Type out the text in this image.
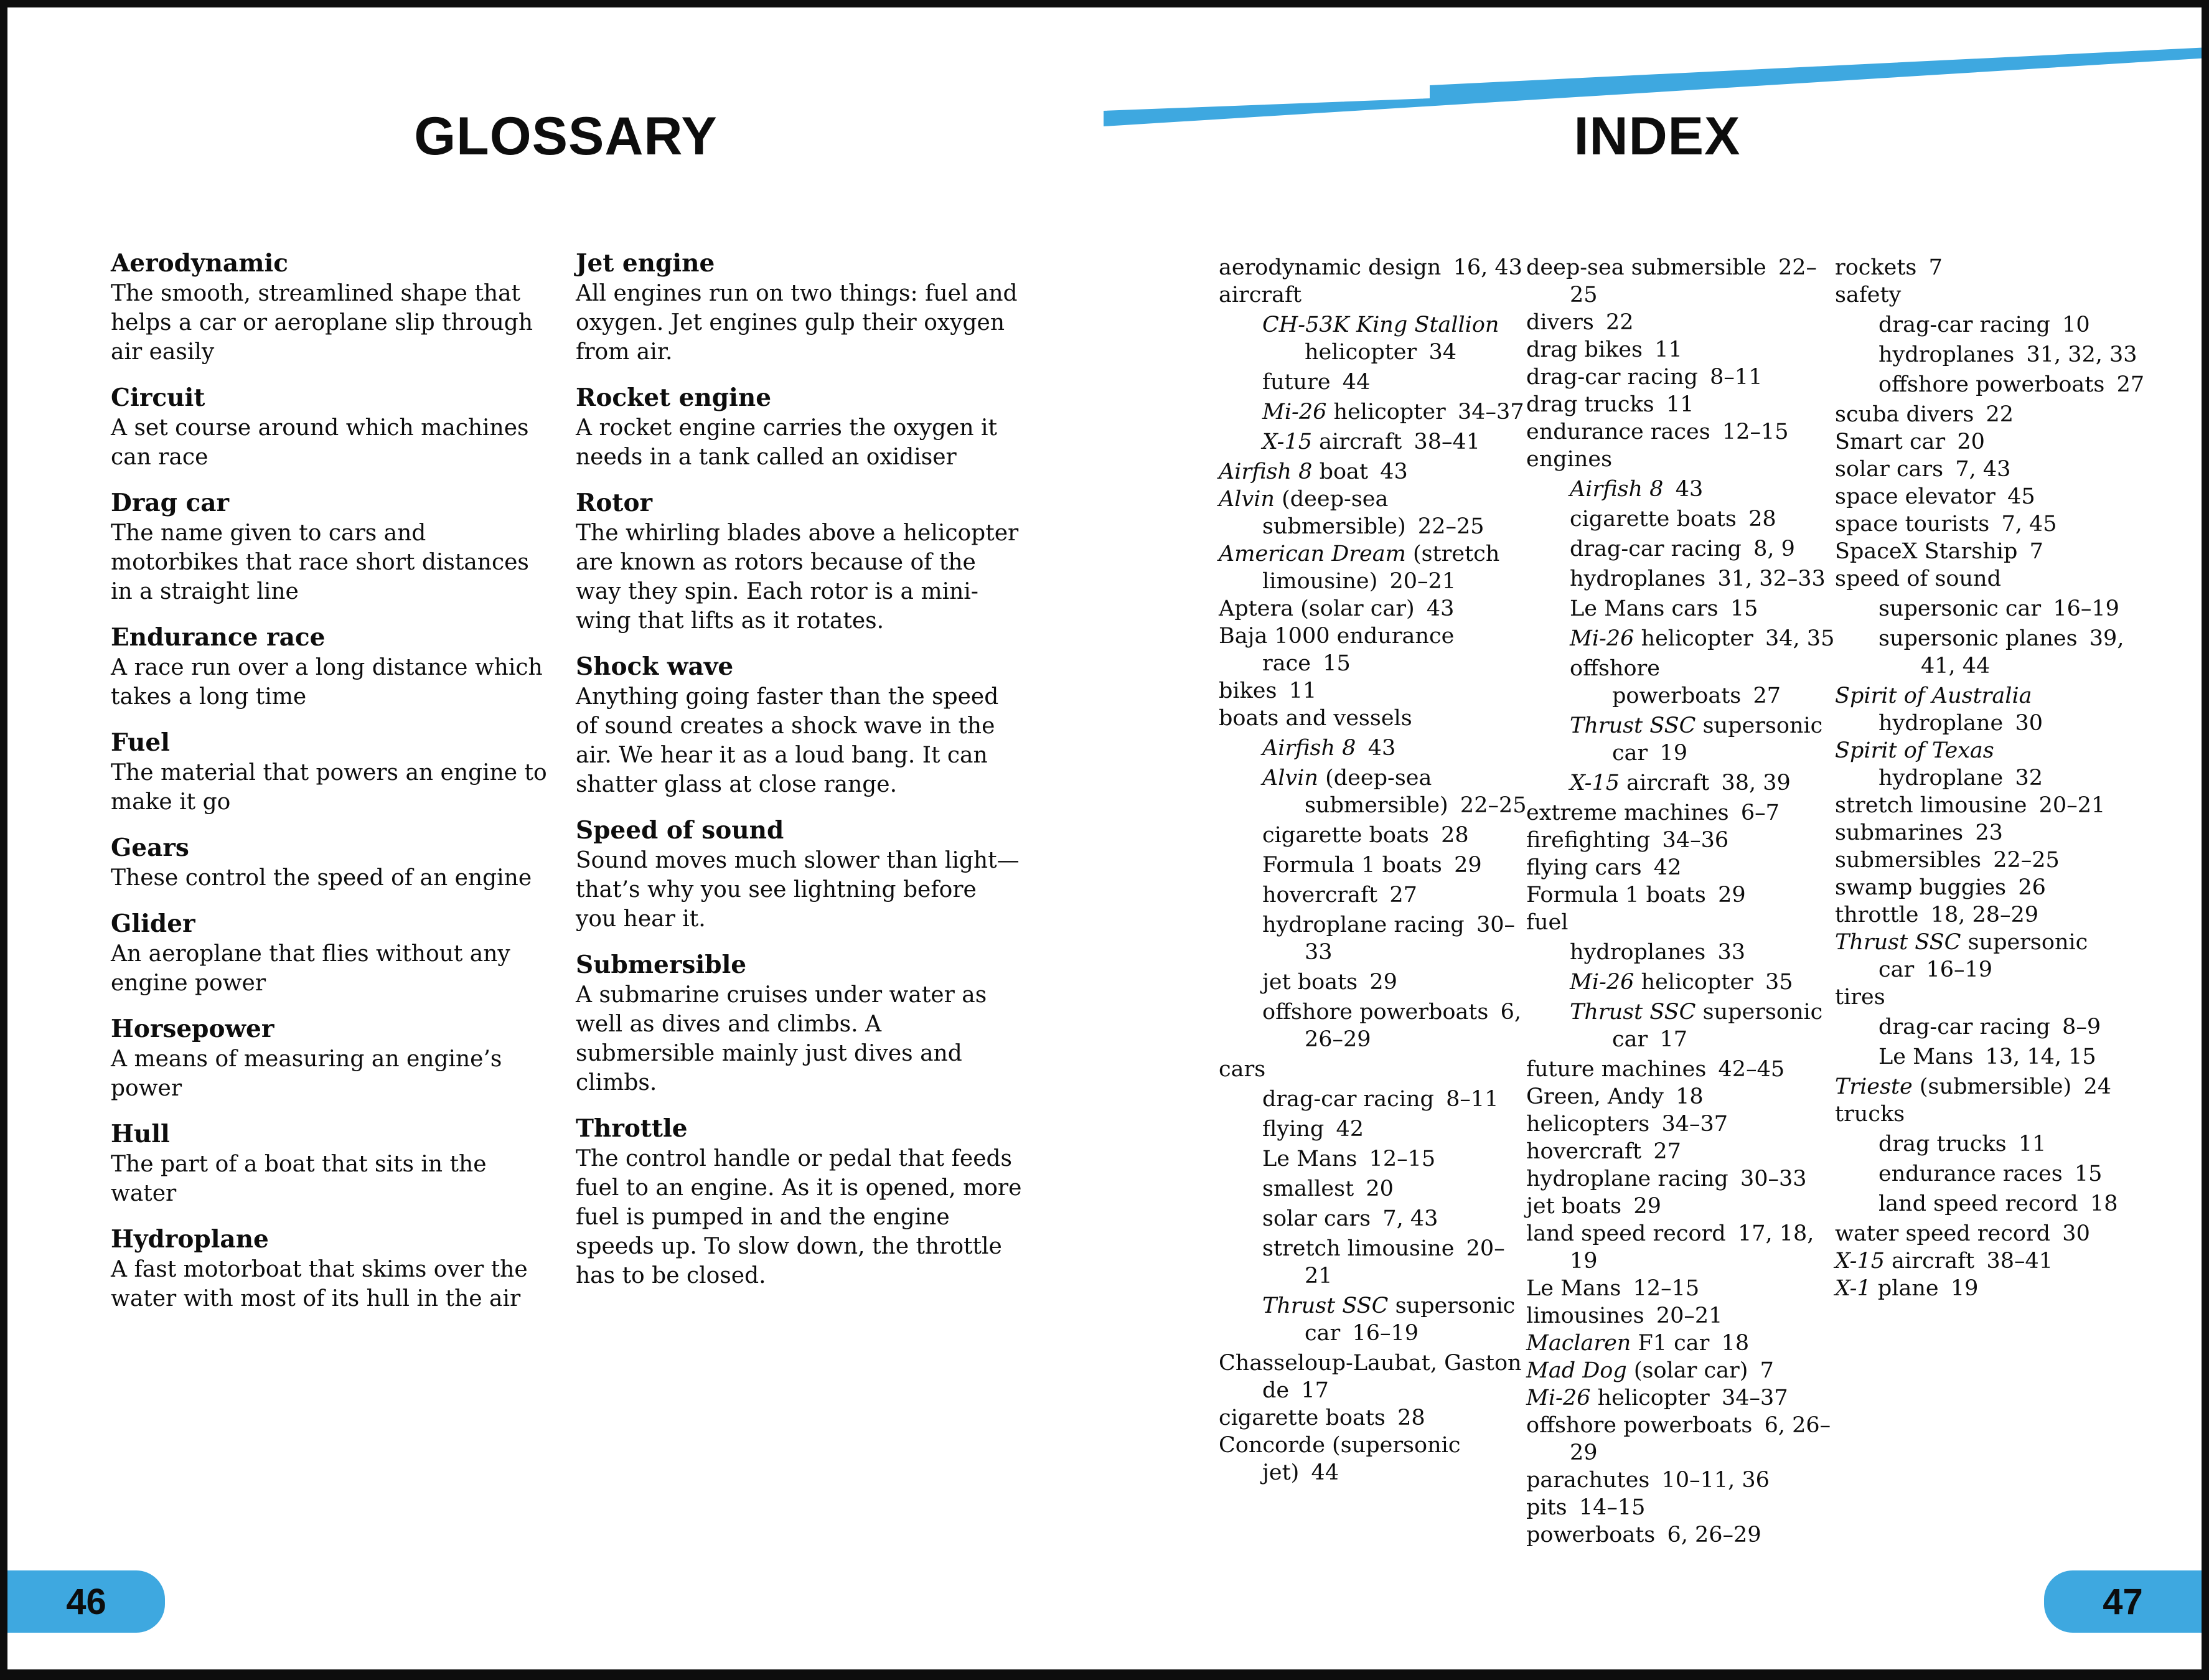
GLOSSARY	INDEX
Aerodynamic
The smooth, streamlined shape that helps a car or aeroplane slip through air easily
Circuit
A set course around which machines can race
Drag car
The name given to cars and motorbikes that race short distances in a straight line
Endurance race
A race run over a long distance which takes a long time
Fuel
The material that powers an engine to make it go
Gears
These control the speed of an engine
Glider
An aeroplane that flies without any engine power
Horsepower
A means of measuring an engine’s power
Hull
The part of a boat that sits in the water
Hydroplane
A fast motorboat that skims over the water with most of its hull in the air
Jet engine
All engines run on two things: fuel and oxygen. Jet engines gulp their oxygen from air.
Rocket engine
A rocket engine carries the oxygen it needs in a tank called an oxidiser
Rotor
The whirling blades above a helicopter are known as rotors because of the way they spin. Each rotor is a mini-wing that lifts as it rotates.
Shock wave
Anything going faster than the speed of sound creates a shock wave in the air. We hear it as a loud bang. It can shatter glass at close range.
Speed of sound
Sound moves much slower than light—that’s why you see lightning before you hear it.
Submersible
A submarine cruises under water as well as dives and climbs. A submersible mainly just dives and climbs.
Throttle
The control handle or pedal that feeds fuel to an engine. As it is opened, more fuel is pumped in and the engine speeds up. To slow down, the throttle has to be closed.
aerodynamic design 16, 43
aircraft
CH-53K King Stallion helicopter 34
future 44
Mi-26 helicopter 34–37
X-15 aircraft 38–41
Airfish 8 boat 43
Alvin (deep-sea submersible) 22–25
American Dream (stretch limousine) 20–21
Aptera (solar car) 43
Baja 1000 endurance race 15
bikes 11
boats and vessels
Airfish 8 43
Alvin (deep-sea submersible) 22–25
cigarette boats 28
Formula 1 boats 29
hovercraft 27
hydroplane racing 30–33
jet boats 29
offshore powerboats 6, 26–29
cars
drag-car racing 8–11
flying 42
Le Mans 12–15
smallest 20
solar cars 7, 43
stretch limousine 20–21
Thrust SSC supersonic car 16–19
Chasseloup-Laubat, Gaston de 17
cigarette boats 28
Concorde (supersonic jet) 44
deep-sea submersible 22–25
divers 22
drag bikes 11
drag-car racing 8–11
drag trucks 11
endurance races 12–15
engines
Airfish 8 43
cigarette boats 28
drag-car racing 8, 9
hydroplanes 31, 32–33
Le Mans cars 15
Mi-26 helicopter 34, 35
offshore powerboats 27
Thrust SSC supersonic car 19
X-15 aircraft 38, 39
extreme machines 6–7
firefighting 34–36
flying cars 42
Formula 1 boats 29
fuel
hydroplanes 33
Mi-26 helicopter 35
Thrust SSC supersonic car 17
future machines 42–45
Green, Andy 18
helicopters 34–37
hovercraft 27
hydroplane racing 30–33
jet boats 29
land speed record 17, 18, 19
Le Mans 12–15
limousines 20–21
Maclaren F1 car 18
Mad Dog (solar car) 7
Mi-26 helicopter 34–37
offshore powerboats 6, 26–29
parachutes 10–11, 36
pits 14–15
powerboats 6, 26–29
rockets 7
safety
drag-car racing 10
hydroplanes 31, 32, 33
offshore powerboats 27
scuba divers 22
Smart car 20
solar cars 7, 43
space elevator 45
space tourists 7, 45
SpaceX Starship 7
speed of sound
supersonic car 16–19
supersonic planes 39, 41, 44
Spirit of Australia hydroplane 30
Spirit of Texas hydroplane 32
stretch limousine 20–21
submarines 23
submersibles 22–25
swamp buggies 26
throttle 18, 28–29
Thrust SSC supersonic car 16–19
tires
drag-car racing 8–9
Le Mans 13, 14, 15
Trieste (submersible) 24
trucks
drag trucks 11
endurance races 15
land speed record 18
water speed record 30
X-15 aircraft 38–41
X-1 plane 19
46	47
